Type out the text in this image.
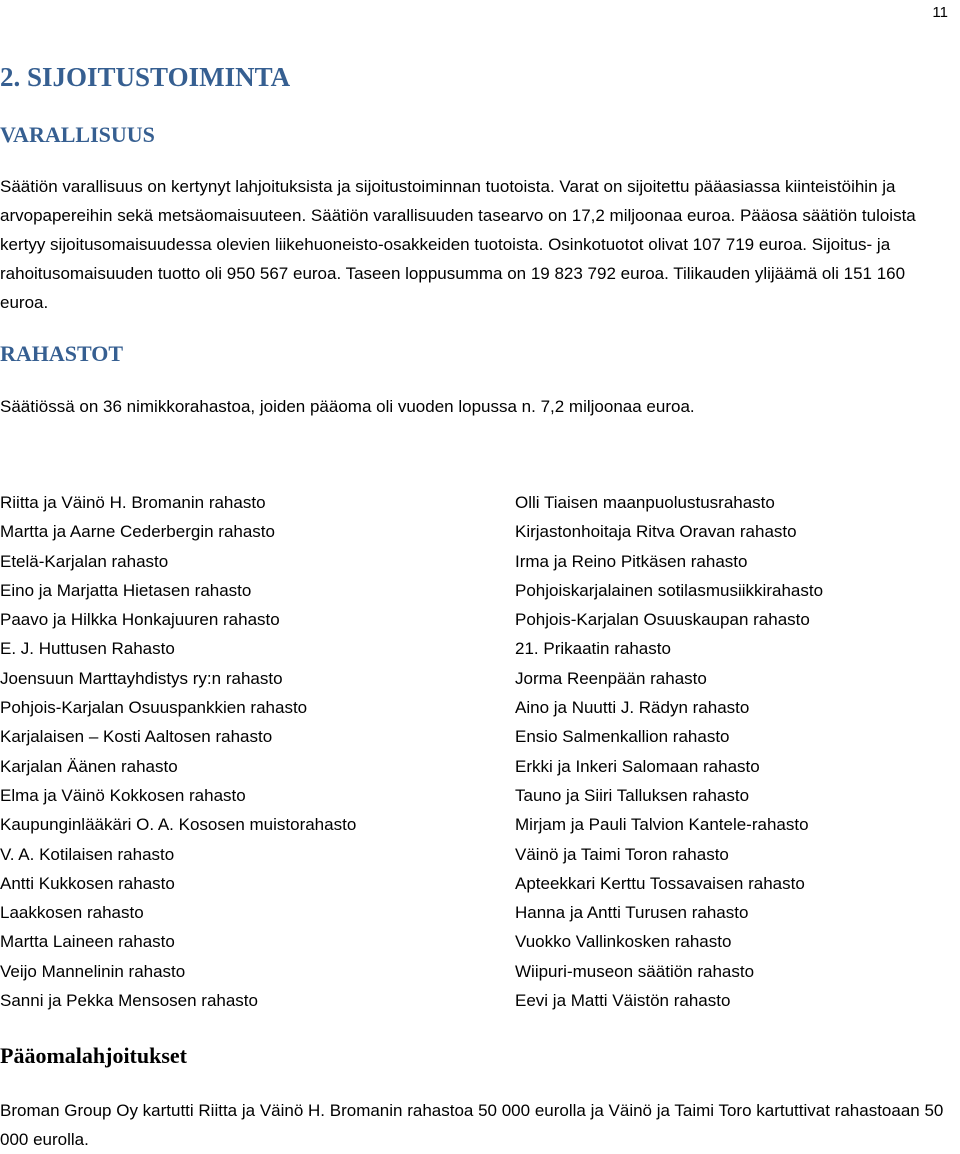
11
2. SIJOITUSTOIMINTA
VARALLISUUS

Säätiön varallisuus on kertynyt lahjoituksista ja sijoitustoiminnan tuotoista. Varat on sijoitettu pääasiassa kiinteistöihin ja arvopapereihin sekä metsäomaisuuteen. Säätiön varallisuuden tasearvo on 17,2 miljoonaa euroa. Pääosa säätiön tuloista kertyy sijoitusomaisuudessa olevien liikehuoneisto-osakkeiden tuotoista. Osinkotuotot olivat 107 719 euroa. Sijoitus- ja rahoitusomaisuuden tuotto oli 950 567 euroa. Taseen loppusumma on 19 823 792 euroa. Tilikauden ylijäämä oli 151 160 euroa.

RAHASTOT

Säätiössä on 36 nimikkorahastoa, joiden pääoma oli vuoden lopussa n. 7,2 miljoonaa euroa.

Riitta ja Väinö H. Bromanin rahasto
Martta ja Aarne Cederbergin rahasto
Etelä-Karjalan rahasto
Eino ja Marjatta Hietasen rahasto
Paavo ja Hilkka Honkajuuren rahasto
E. J. Huttusen Rahasto
Joensuun Marttayhdistys ry:n rahasto
Pohjois-Karjalan Osuuspankkien rahasto
Karjalaisen – Kosti Aaltosen rahasto
Karjalan Äänen rahasto
Elma ja Väinö Kokkosen rahasto
Kaupunginlääkäri O. A. Kososen muistorahasto
V. A. Kotilaisen rahasto
Antti Kukkosen rahasto
Laakkosen rahasto
Martta Laineen rahasto
Veijo Mannelinin rahasto
Sanni ja Pekka Mensosen rahasto
Olli Tiaisen maanpuolustusrahasto
Kirjastonhoitaja Ritva Oravan rahasto
Irma ja Reino Pitkäsen rahasto
Pohjoiskarjalainen sotilasmusiikkirahasto
Pohjois-Karjalan Osuuskaupan rahasto
21. Prikaatin rahasto
Jorma Reenpään rahasto
Aino ja Nuutti J. Rädyn rahasto
Ensio Salmenkallion rahasto
Erkki ja Inkeri Salomaan rahasto
Tauno ja Siiri Talluksen rahasto
Mirjam ja Pauli Talvion Kantele-rahasto
Väinö ja Taimi Toron rahasto
Apteekkari Kerttu Tossavaisen rahasto
Hanna ja Antti Turusen rahasto
Vuokko Vallinkosken rahasto
Wiipuri-museon säätiön rahasto
Eevi ja Matti Väistön rahasto
Pääomalahjoitukset

Broman Group Oy kartutti Riitta ja Väinö H. Bromanin rahastoa 50 000 eurolla ja Väinö ja Taimi Toro kartuttivat rahastoaan 50 000 eurolla.
